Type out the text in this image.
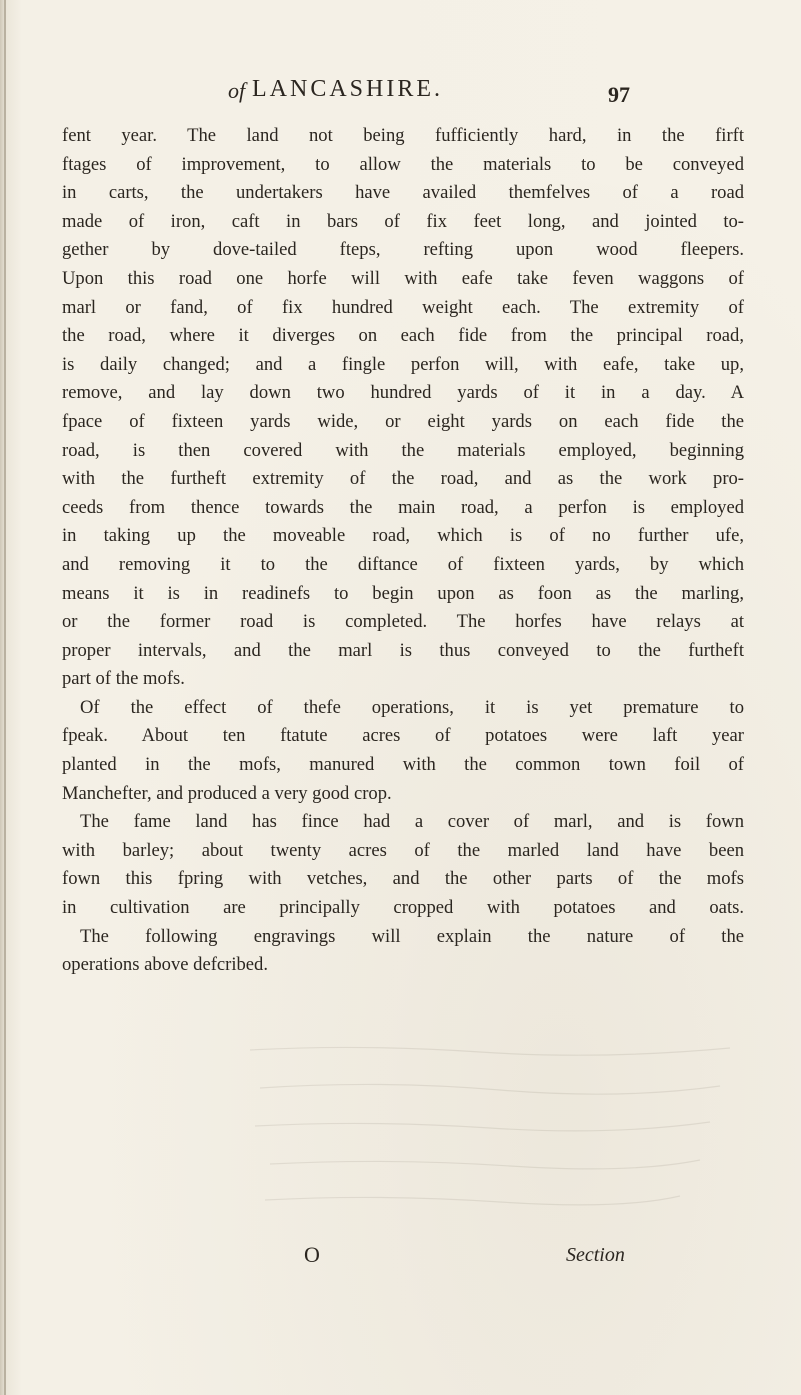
of LANCASHIRE.	97
fent year. The land not being fufficiently hard, in the firft
ftages of improvement, to allow the materials to be conveyed
in carts, the undertakers have availed themfelves of a road
made of iron, caft in bars of fix feet long, and jointed to-
gether by dove-tailed fteps, refting upon wood fleepers.
Upon this road one horfe will with eafe take feven waggons of
marl or fand, of fix hundred weight each. The extremity of
the road, where it diverges on each fide from the principal road,
is daily changed; and a fingle perfon will, with eafe, take up,
remove, and lay down two hundred yards of it in a day. A
fpace of fixteen yards wide, or eight yards on each fide the
road, is then covered with the materials employed, beginning
with the furtheft extremity of the road, and as the work pro-
ceeds from thence towards the main road, a perfon is employed
in taking up the moveable road, which is of no further ufe,
and removing it to the diftance of fixteen yards, by which
means it is in readinefs to begin upon as foon as the marling,
or the former road is completed. The horfes have relays at
proper intervals, and the marl is thus conveyed to the furtheft
part of the mofs.
Of the effect of thefe operations, it is yet premature to
fpeak. About ten ftatute acres of potatoes were laft year
planted in the mofs, manured with the common town foil of
Manchefter, and produced a very good crop.
The fame land has fince had a cover of marl, and is fown
with barley; about twenty acres of the marled land have been
fown this fpring with vetches, and the other parts of the mofs
in cultivation are principally cropped with potatoes and oats.
The following engravings will explain the nature of the
operations above defcribed.
O	Section
